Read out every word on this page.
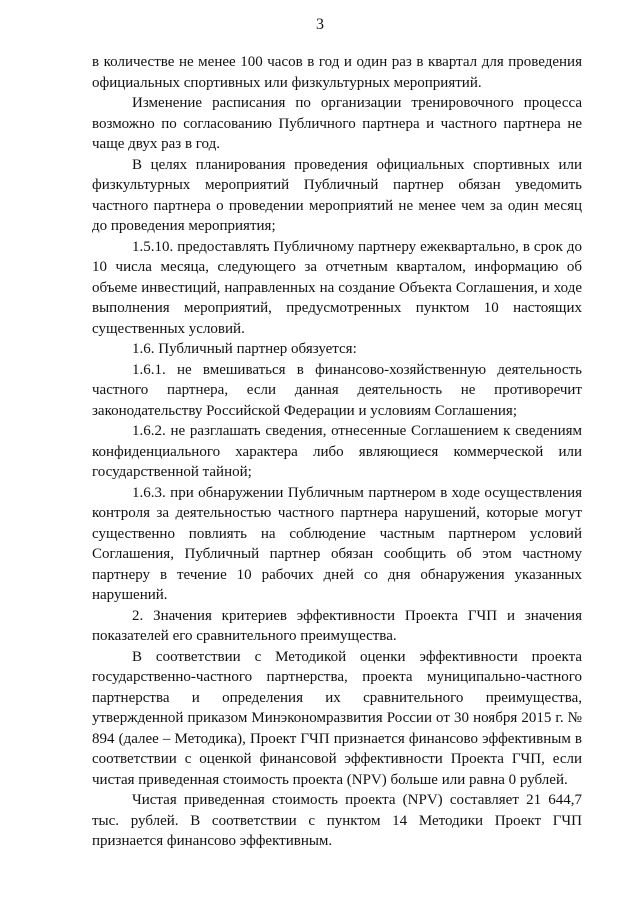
3

в количестве не менее 100 часов в год и один раз в квартал для проведения официальных спортивных или физкультурных мероприятий.

Изменение расписания по организации тренировочного процесса возможно по согласованию Публичного партнера и частного партнера не чаще двух раз в год.

В целях планирования проведения официальных спортивных или физкультурных мероприятий Публичный партнер обязан уведомить частного партнера о проведении мероприятий не менее чем за один месяц до проведения мероприятия;

1.5.10. предоставлять Публичному партнеру ежеквартально, в срок до 10 числа месяца, следующего за отчетным кварталом, информацию об объеме инвестиций, направленных на создание Объекта Соглашения, и ходе выполнения мероприятий, предусмотренных пунктом 10 настоящих существенных условий.

1.6. Публичный партнер обязуется:

1.6.1. не вмешиваться в финансово-хозяйственную деятельность частного партнера, если данная деятельность не противоречит законодательству Российской Федерации и условиям Соглашения;

1.6.2. не разглашать сведения, отнесенные Соглашением к сведениям конфиденциального характера либо являющиеся коммерческой или государственной тайной;

1.6.3. при обнаружении Публичным партнером в ходе осуществления контроля за деятельностью частного партнера нарушений, которые могут существенно повлиять на соблюдение частным партнером условий Соглашения, Публичный партнер обязан сообщить об этом частному партнеру в течение 10 рабочих дней со дня обнаружения указанных нарушений.

2. Значения критериев эффективности Проекта ГЧП и значения показателей его сравнительного преимущества.

В соответствии с Методикой оценки эффективности проекта государственно-частного партнерства, проекта муниципально-частного партнерства и определения их сравнительного преимущества, утвержденной приказом Минэкономразвития России от 30 ноября 2015 г. № 894 (далее – Методика), Проект ГЧП признается финансово эффективным в соответствии с оценкой финансовой эффективности Проекта ГЧП, если чистая приведенная стоимость проекта (NPV) больше или равна 0 рублей.

Чистая приведенная стоимость проекта (NPV) составляет 21 644,7 тыс. рублей. В соответствии с пунктом 14 Методики Проект ГЧП признается финансово эффективным.
